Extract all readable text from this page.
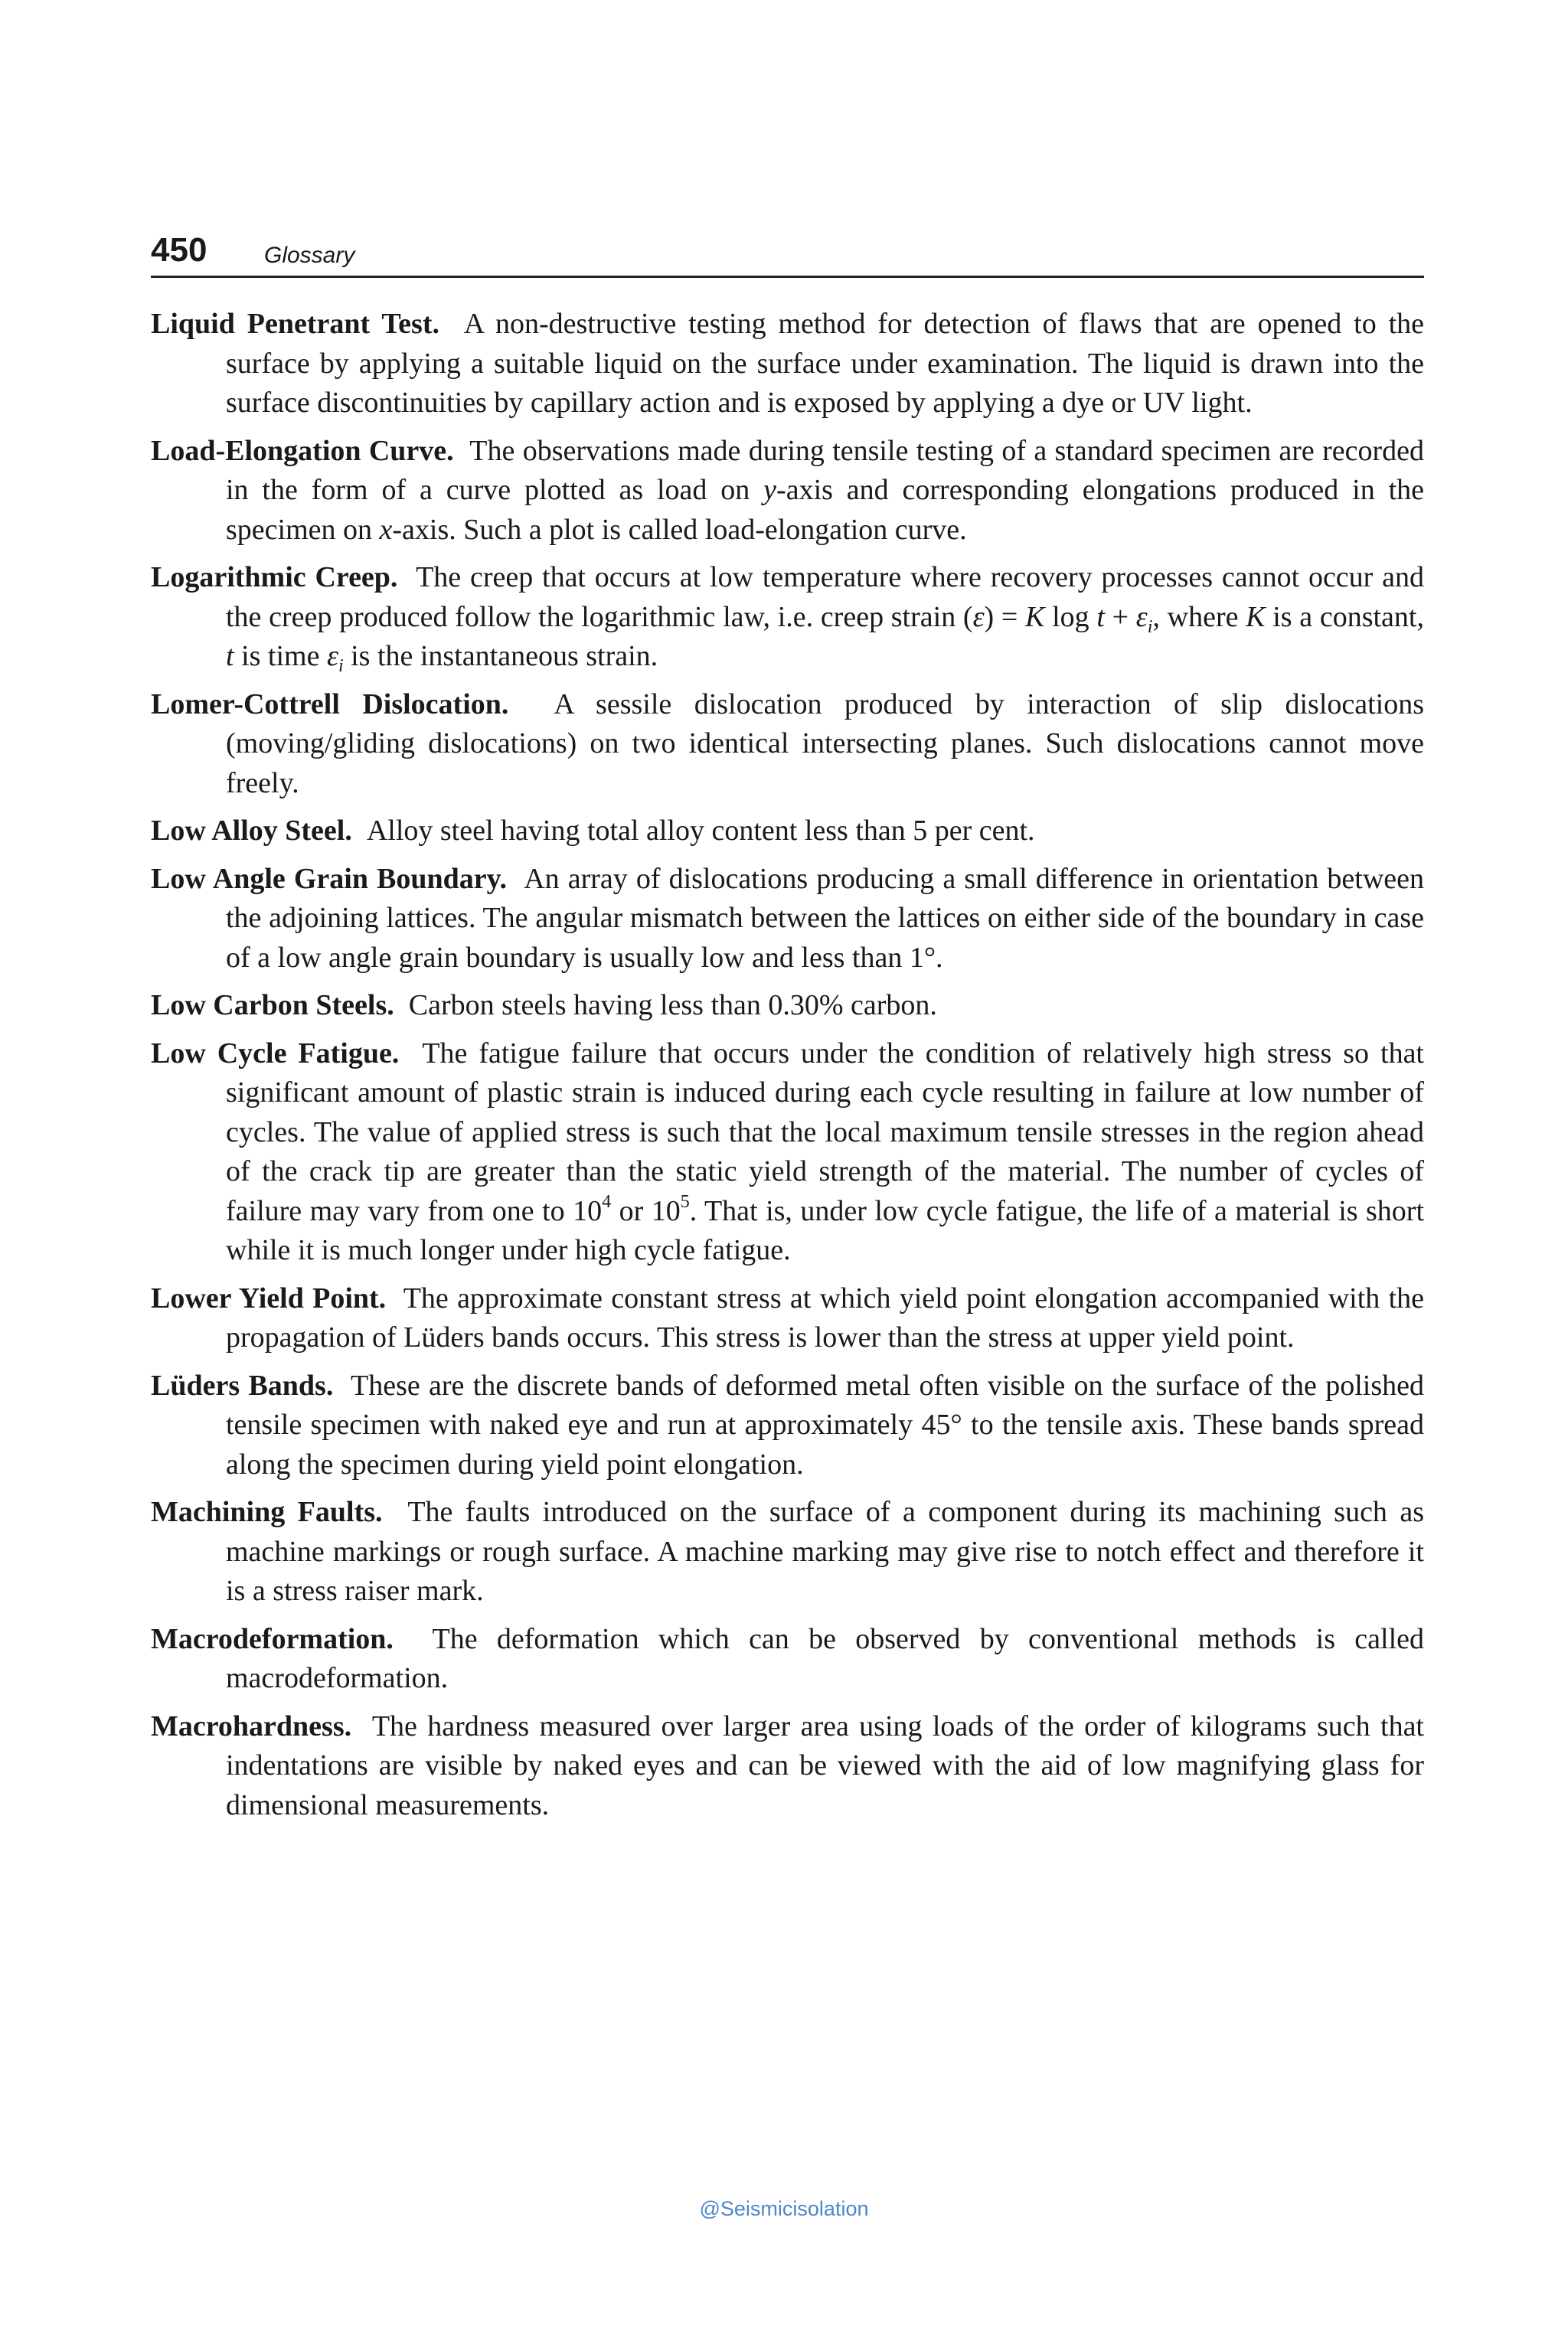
450 Glossary

Liquid Penetrant Test. A non-destructive testing method for detection of flaws that are opened to the surface by applying a suitable liquid on the surface under examination. The liquid is drawn into the surface discontinuities by capillary action and is exposed by applying a dye or UV light.

Load-Elongation Curve. The observations made during tensile testing of a standard specimen are recorded in the form of a curve plotted as load on y-axis and corresponding elongations produced in the specimen on x-axis. Such a plot is called load-elongation curve.

Logarithmic Creep. The creep that occurs at low temperature where recovery processes cannot occur and the creep produced follow the logarithmic law, i.e. creep strain (ε) = K $\log t + \varepsilon_i$, where K is a constant, t is time $\varepsilon_i$ is the instantaneous strain.

Lomer-Cottrell Dislocation. A sessile dislocation produced by interaction of slip dislocations (moving/gliding dislocations) on two identical intersecting planes. Such dislocations cannot move freely.

Low Alloy Steel. Alloy steel having total alloy content less than 5 per cent.

Low Angle Grain Boundary. An array of dislocations producing a small difference in orientation between the adjoining lattices. The angular mismatch between the lattices on either side of the boundary in case of a low angle grain boundary is usually low and less than 1°.

Low Carbon Steels. Carbon steels having less than 0.30% carbon.

Low Cycle Fatigue. The fatigue failure that occurs under the condition of relatively high stress so that significant amount of plastic strain is induced during each cycle resulting in failure at low number of cycles. The value of applied stress is such that the local maximum tensile stresses in the region ahead of the crack tip are greater than the static yield strength of the material. The number of cycles of failure may vary from one to $10^4$ or $10^5$. That is, under low cycle fatigue, the life of a material is short while it is much longer under high cycle fatigue.

Lower Yield Point. The approximate constant stress at which yield point elongation accompanied with the propagation of Lüders bands occurs. This stress is lower than the stress at upper yield point.

Lüders Bands. These are the discrete bands of deformed metal often visible on the surface of the polished tensile specimen with naked eye and run at approximately 45° to the tensile axis. These bands spread along the specimen during yield point elongation.

Machining Faults. The faults introduced on the surface of a component during its machining such as machine markings or rough surface. A machine marking may give rise to notch effect and therefore it is a stress raiser mark.

Macrodeformation. The deformation which can be observed by conventional methods is called macrodeformation.

Macrohardness. The hardness measured over larger area using loads of the order of kilograms such that indentations are visible by naked eyes and can be viewed with the aid of low magnifying glass for dimensional measurements.

@Seismicisolation
